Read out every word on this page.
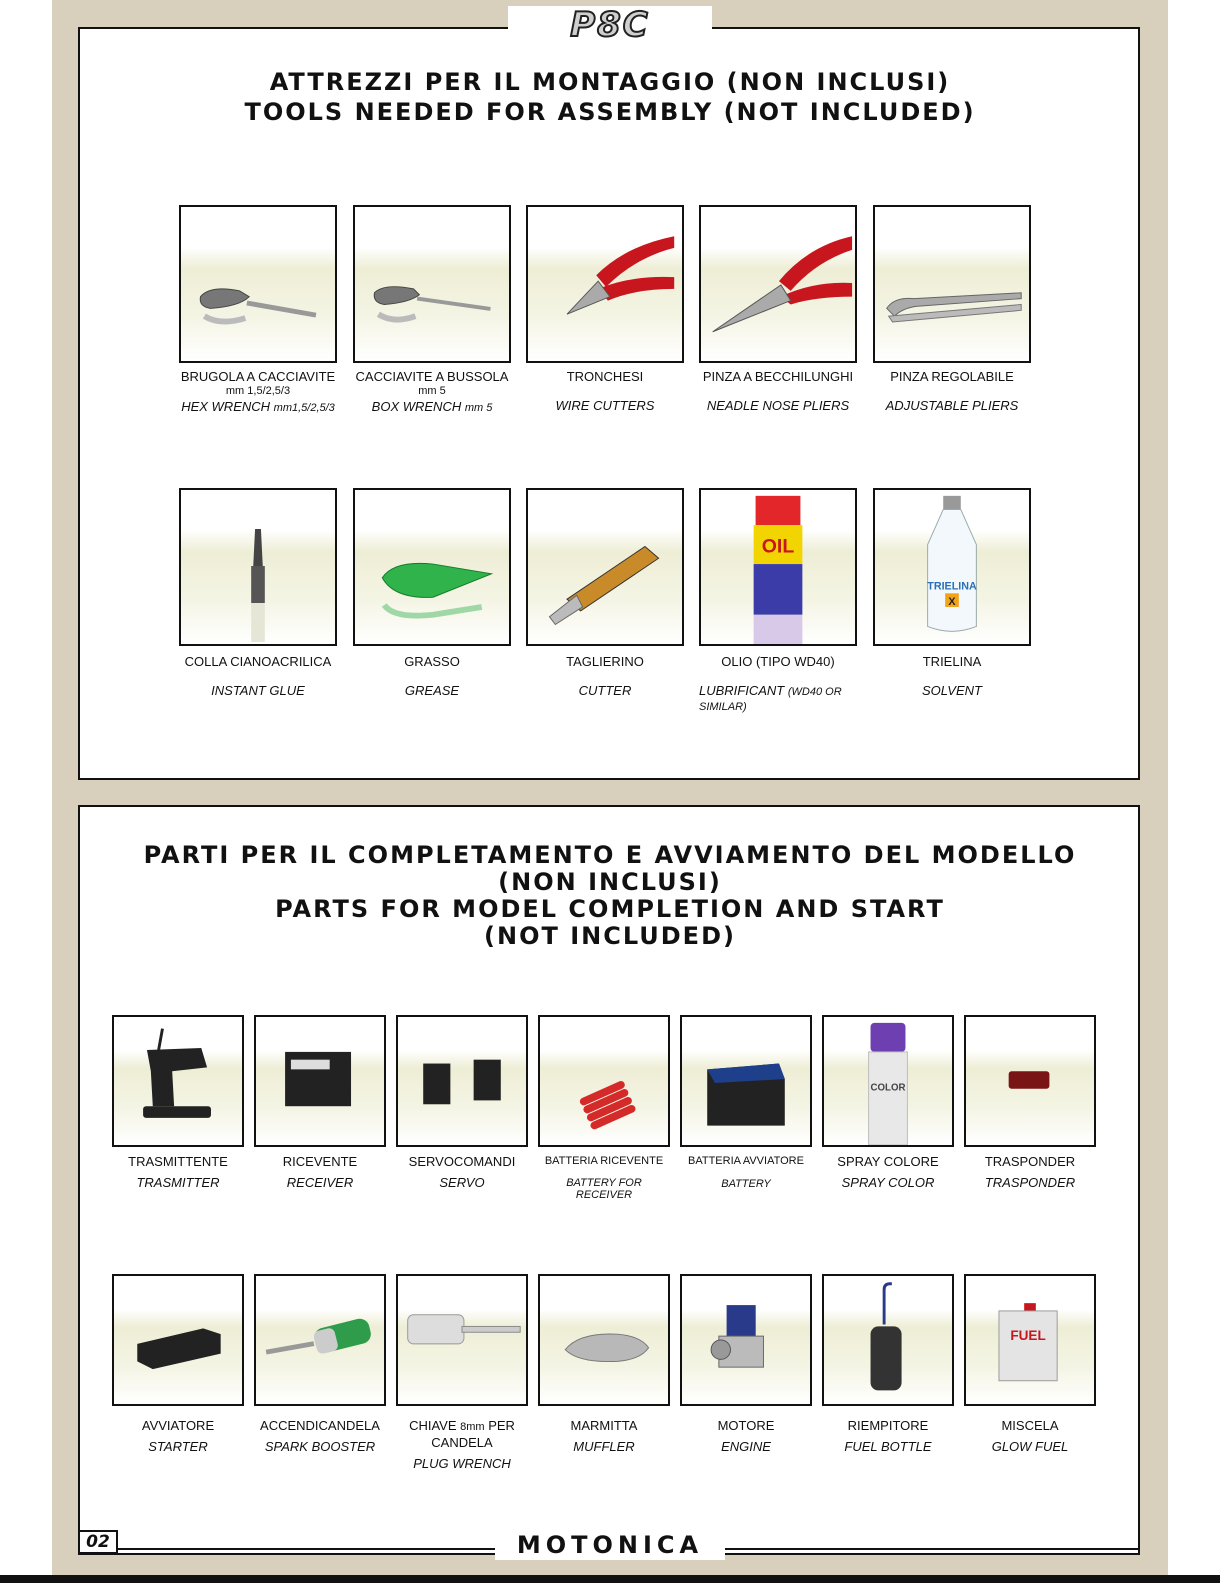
P8C
ATTREZZI PER IL MONTAGGIO (NON INCLUSI)
TOOLS NEEDED FOR ASSEMBLY (NOT INCLUDED)
BRUGOLA A CACCIAVITE
mm 1,5/2,5/3
HEX WRENCH mm1,5/2,5/3
CACCIAVITE A BUSSOLA
mm 5
BOX WRENCH mm 5
TRONCHESI
WIRE CUTTERS
PINZA A BECCHILUNGHI
NEADLE NOSE PLIERS
PINZA REGOLABILE
ADJUSTABLE PLIERS
OIL
TRIELINA
X
COLLA CIANOACRILICA
INSTANT GLUE
GRASSO
GREASE
TAGLIERINO
CUTTER
OLIO (TIPO WD40)
LUBRIFICANT (WD40 OR
SIMILAR)
TRIELINA
SOLVENT
PARTI PER IL COMPLETAMENTO E AVVIAMENTO DEL MODELLO
(NON INCLUSI)
PARTS FOR MODEL COMPLETION AND START
(NOT INCLUDED)
COLOR
TRASMITTENTE
TRASMITTER
RICEVENTE
RECEIVER
SERVOCOMANDI
SERVO
BATTERIA RICEVENTE
BATTERY FOR
RECEIVER
BATTERIA AVVIATORE
BATTERY
SPRAY COLORE
SPRAY COLOR
TRASPONDER
TRASPONDER
FUEL
AVVIATORE
STARTER
ACCENDICANDELA
SPARK BOOSTER
CHIAVE 8mm PER
CANDELA
PLUG WRENCH
MARMITTA
MUFFLER
MOTORE
ENGINE
RIEMPITORE
FUEL BOTTLE
MISCELA
GLOW FUEL
02	MOTONICA
